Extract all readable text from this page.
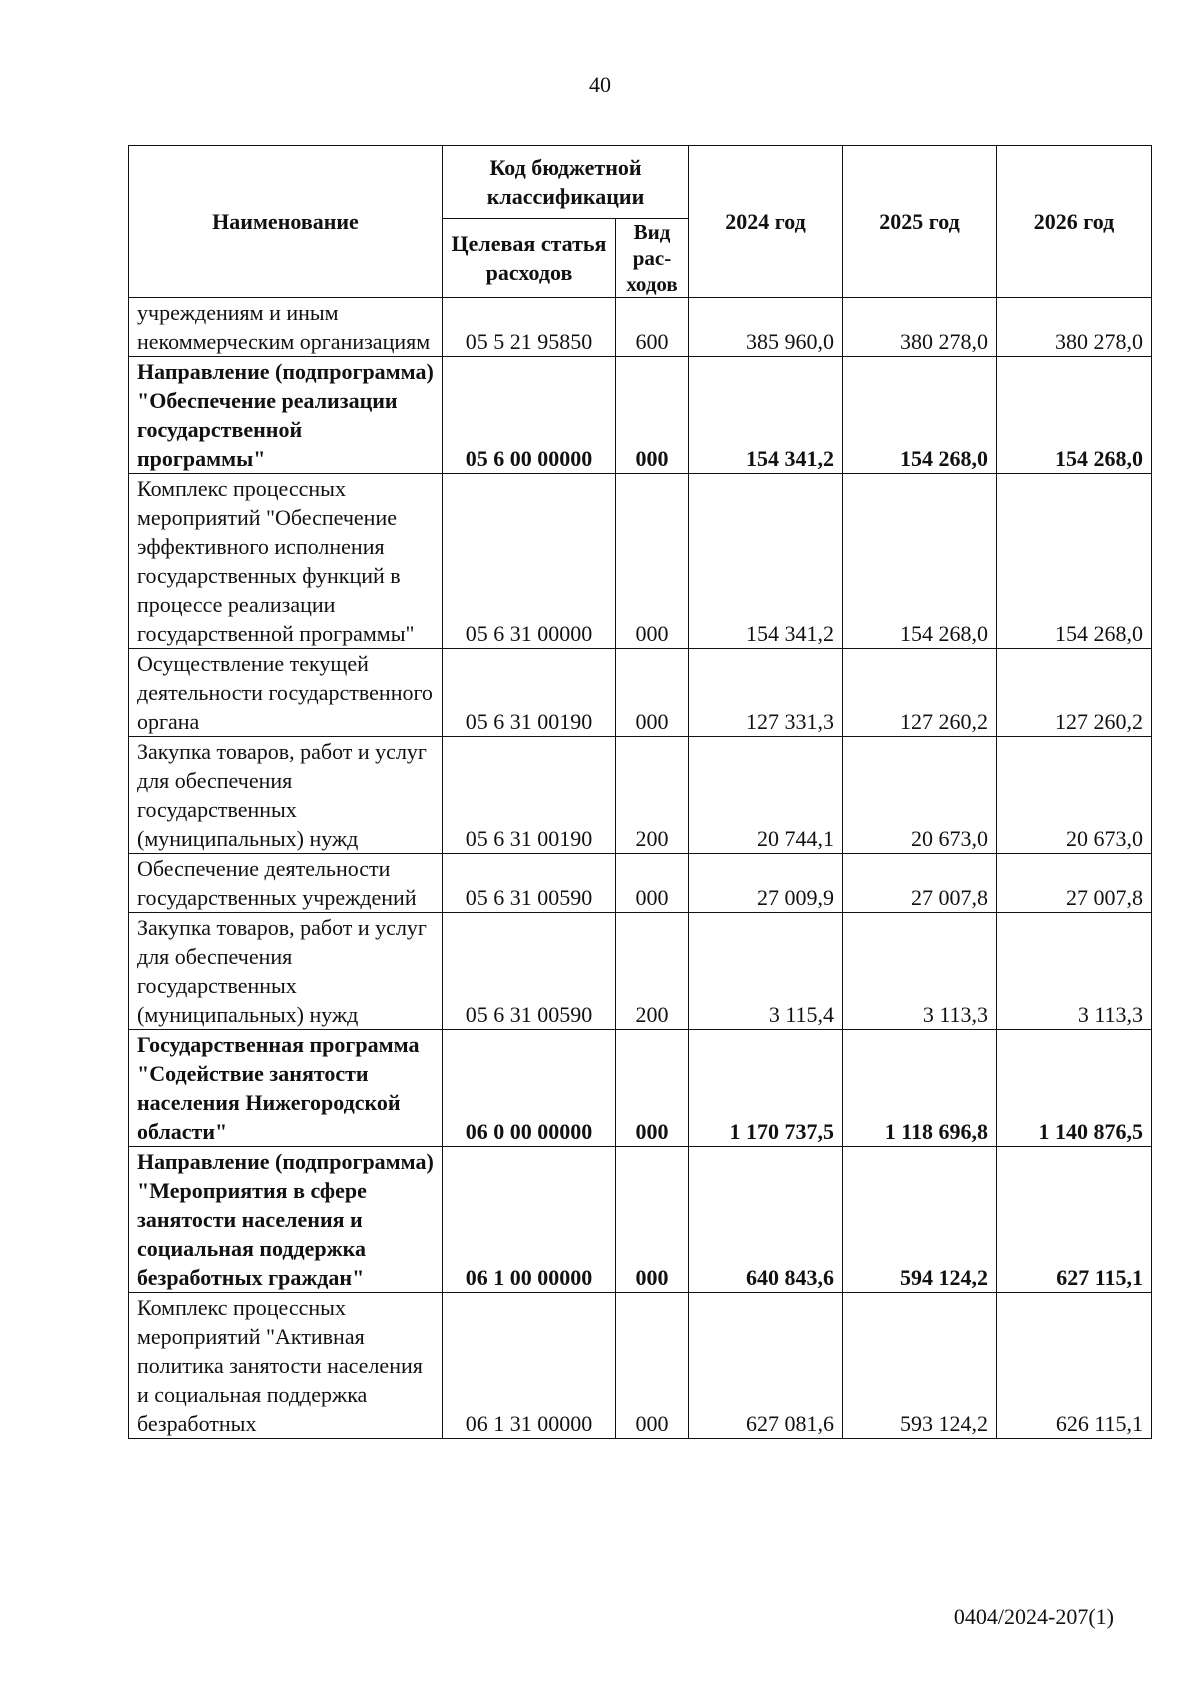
40
Наименование	Код бюджетной классификации		2024 год	2025 год	2026 год
	Целевая статья расходов	Вид рас-ходов			
учреждениям и иным некоммерческим организациям	05 5 21 95850	600	385 960,0	380 278,0	380 278,0
Направление (подпрограмма) "Обеспечение реализации государственной программы"	05 6 00 00000	000	154 341,2	154 268,0	154 268,0
Комплекс процессных мероприятий "Обеспечение эффективного исполнения государственных функций в процессе реализации государственной программы"	05 6 31 00000	000	154 341,2	154 268,0	154 268,0
Осуществление текущей деятельности государственного органа	05 6 31 00190	000	127 331,3	127 260,2	127 260,2
Закупка товаров, работ и услуг для обеспечения государственных (муниципальных) нужд	05 6 31 00190	200	20 744,1	20 673,0	20 673,0
Обеспечение деятельности государственных учреждений	05 6 31 00590	000	27 009,9	27 007,8	27 007,8
Закупка товаров, работ и услуг для обеспечения государственных (муниципальных) нужд	05 6 31 00590	200	3 115,4	3 113,3	3 113,3
Государственная программа "Содействие занятости населения Нижегородской области"	06 0 00 00000	000	1 170 737,5	1 118 696,8	1 140 876,5
Направление (подпрограмма) "Мероприятия в сфере занятости населения и социальная поддержка безработных граждан"	06 1 00 00000	000	640 843,6	594 124,2	627 115,1
Комплекс процессных мероприятий "Активная политика занятости населения и социальная поддержка безработных	06 1 31 00000	000	627 081,6	593 124,2	626 115,1
0404/2024-207(1)
